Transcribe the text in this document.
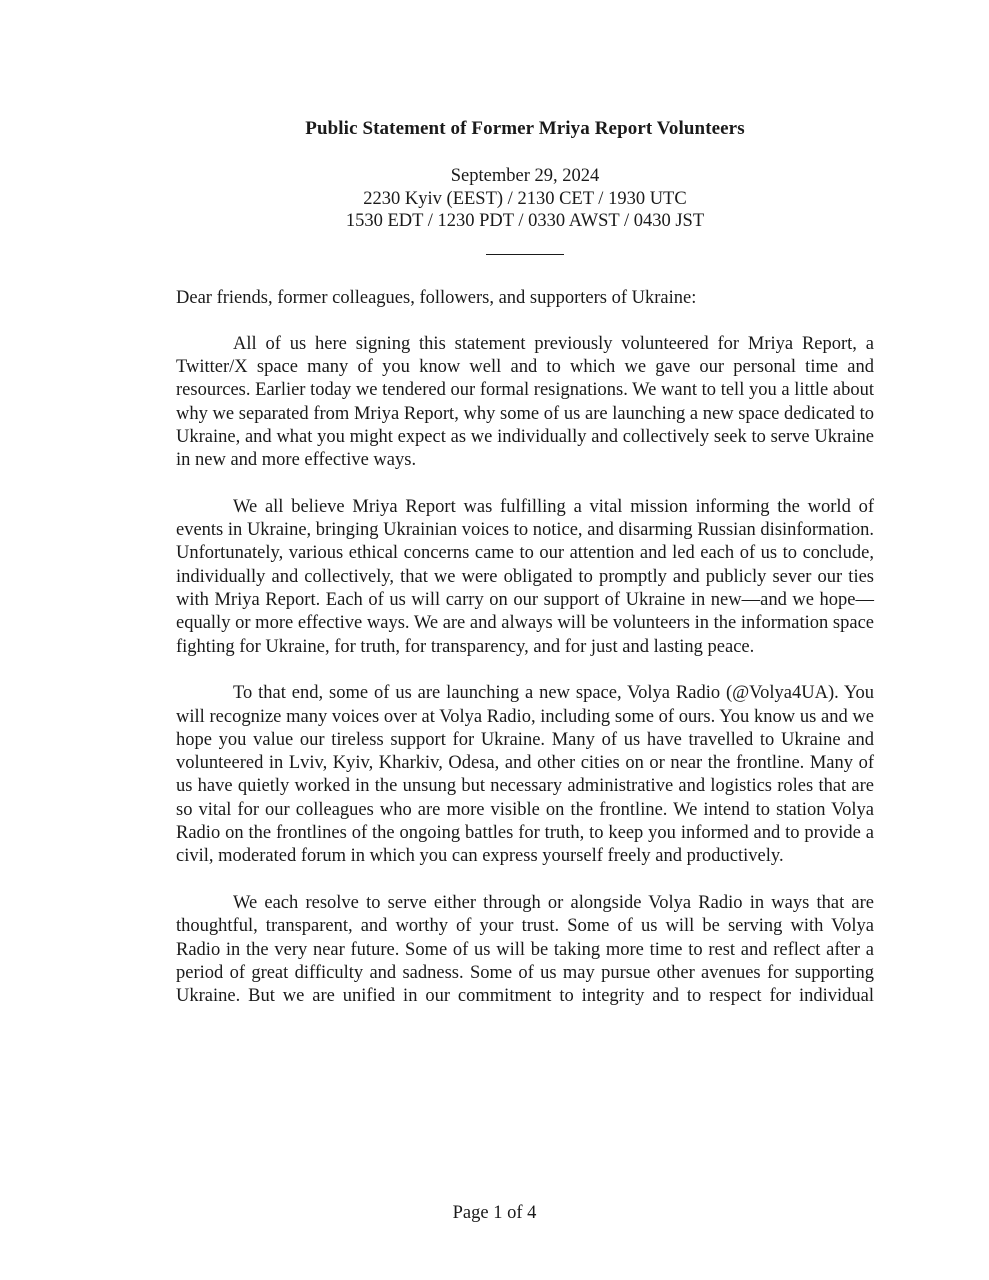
Public Statement of Former Mriya Report Volunteers
September 29, 2024
2230 Kyiv (EEST) / 2130 CET / 1930 UTC
1530 EDT / 1230 PDT / 0330 AWST / 0430 JST

Dear friends, former colleagues, followers, and supporters of Ukraine:

All of us here signing this statement previously volunteered for Mriya Report, a Twitter/X space many of you know well and to which we gave our personal time and resources. Earlier today we tendered our formal resignations. We want to tell you a little about why we separated from Mriya Report, why some of us are launching a new space dedicated to Ukraine, and what you might expect as we individually and collectively seek to serve Ukraine in new and more effective ways.

We all believe Mriya Report was fulfilling a vital mission informing the world of events in Ukraine, bringing Ukrainian voices to notice, and disarming Russian disinformation. Unfortunately, various ethical concerns came to our attention and led each of us to conclude, individually and collectively, that we were obligated to promptly and publicly sever our ties with Mriya Report. Each of us will carry on our support of Ukraine in new—and we hope— equally or more effective ways. We are and always will be volunteers in the information space fighting for Ukraine, for truth, for transparency, and for just and lasting peace.

To that end, some of us are launching a new space, Volya Radio (@Volya4UA). You will recognize many voices over at Volya Radio, including some of ours. You know us and we hope you value our tireless support for Ukraine. Many of us have travelled to Ukraine and volunteered in Lviv, Kyiv, Kharkiv, Odesa, and other cities on or near the frontline. Many of us have quietly worked in the unsung but necessary administrative and logistics roles that are so vital for our colleagues who are more visible on the frontline. We intend to station Volya Radio on the frontlines of the ongoing battles for truth, to keep you informed and to provide a civil, moderated forum in which you can express yourself freely and productively.

We each resolve to serve either through or alongside Volya Radio in ways that are thoughtful, transparent, and worthy of your trust. Some of us will be serving with Volya Radio in the very near future. Some of us will be taking more time to rest and reflect after a period of great difficulty and sadness. Some of us may pursue other avenues for supporting Ukraine. But we are unified in our commitment to integrity and to respect for individual

Page 1 of 4
